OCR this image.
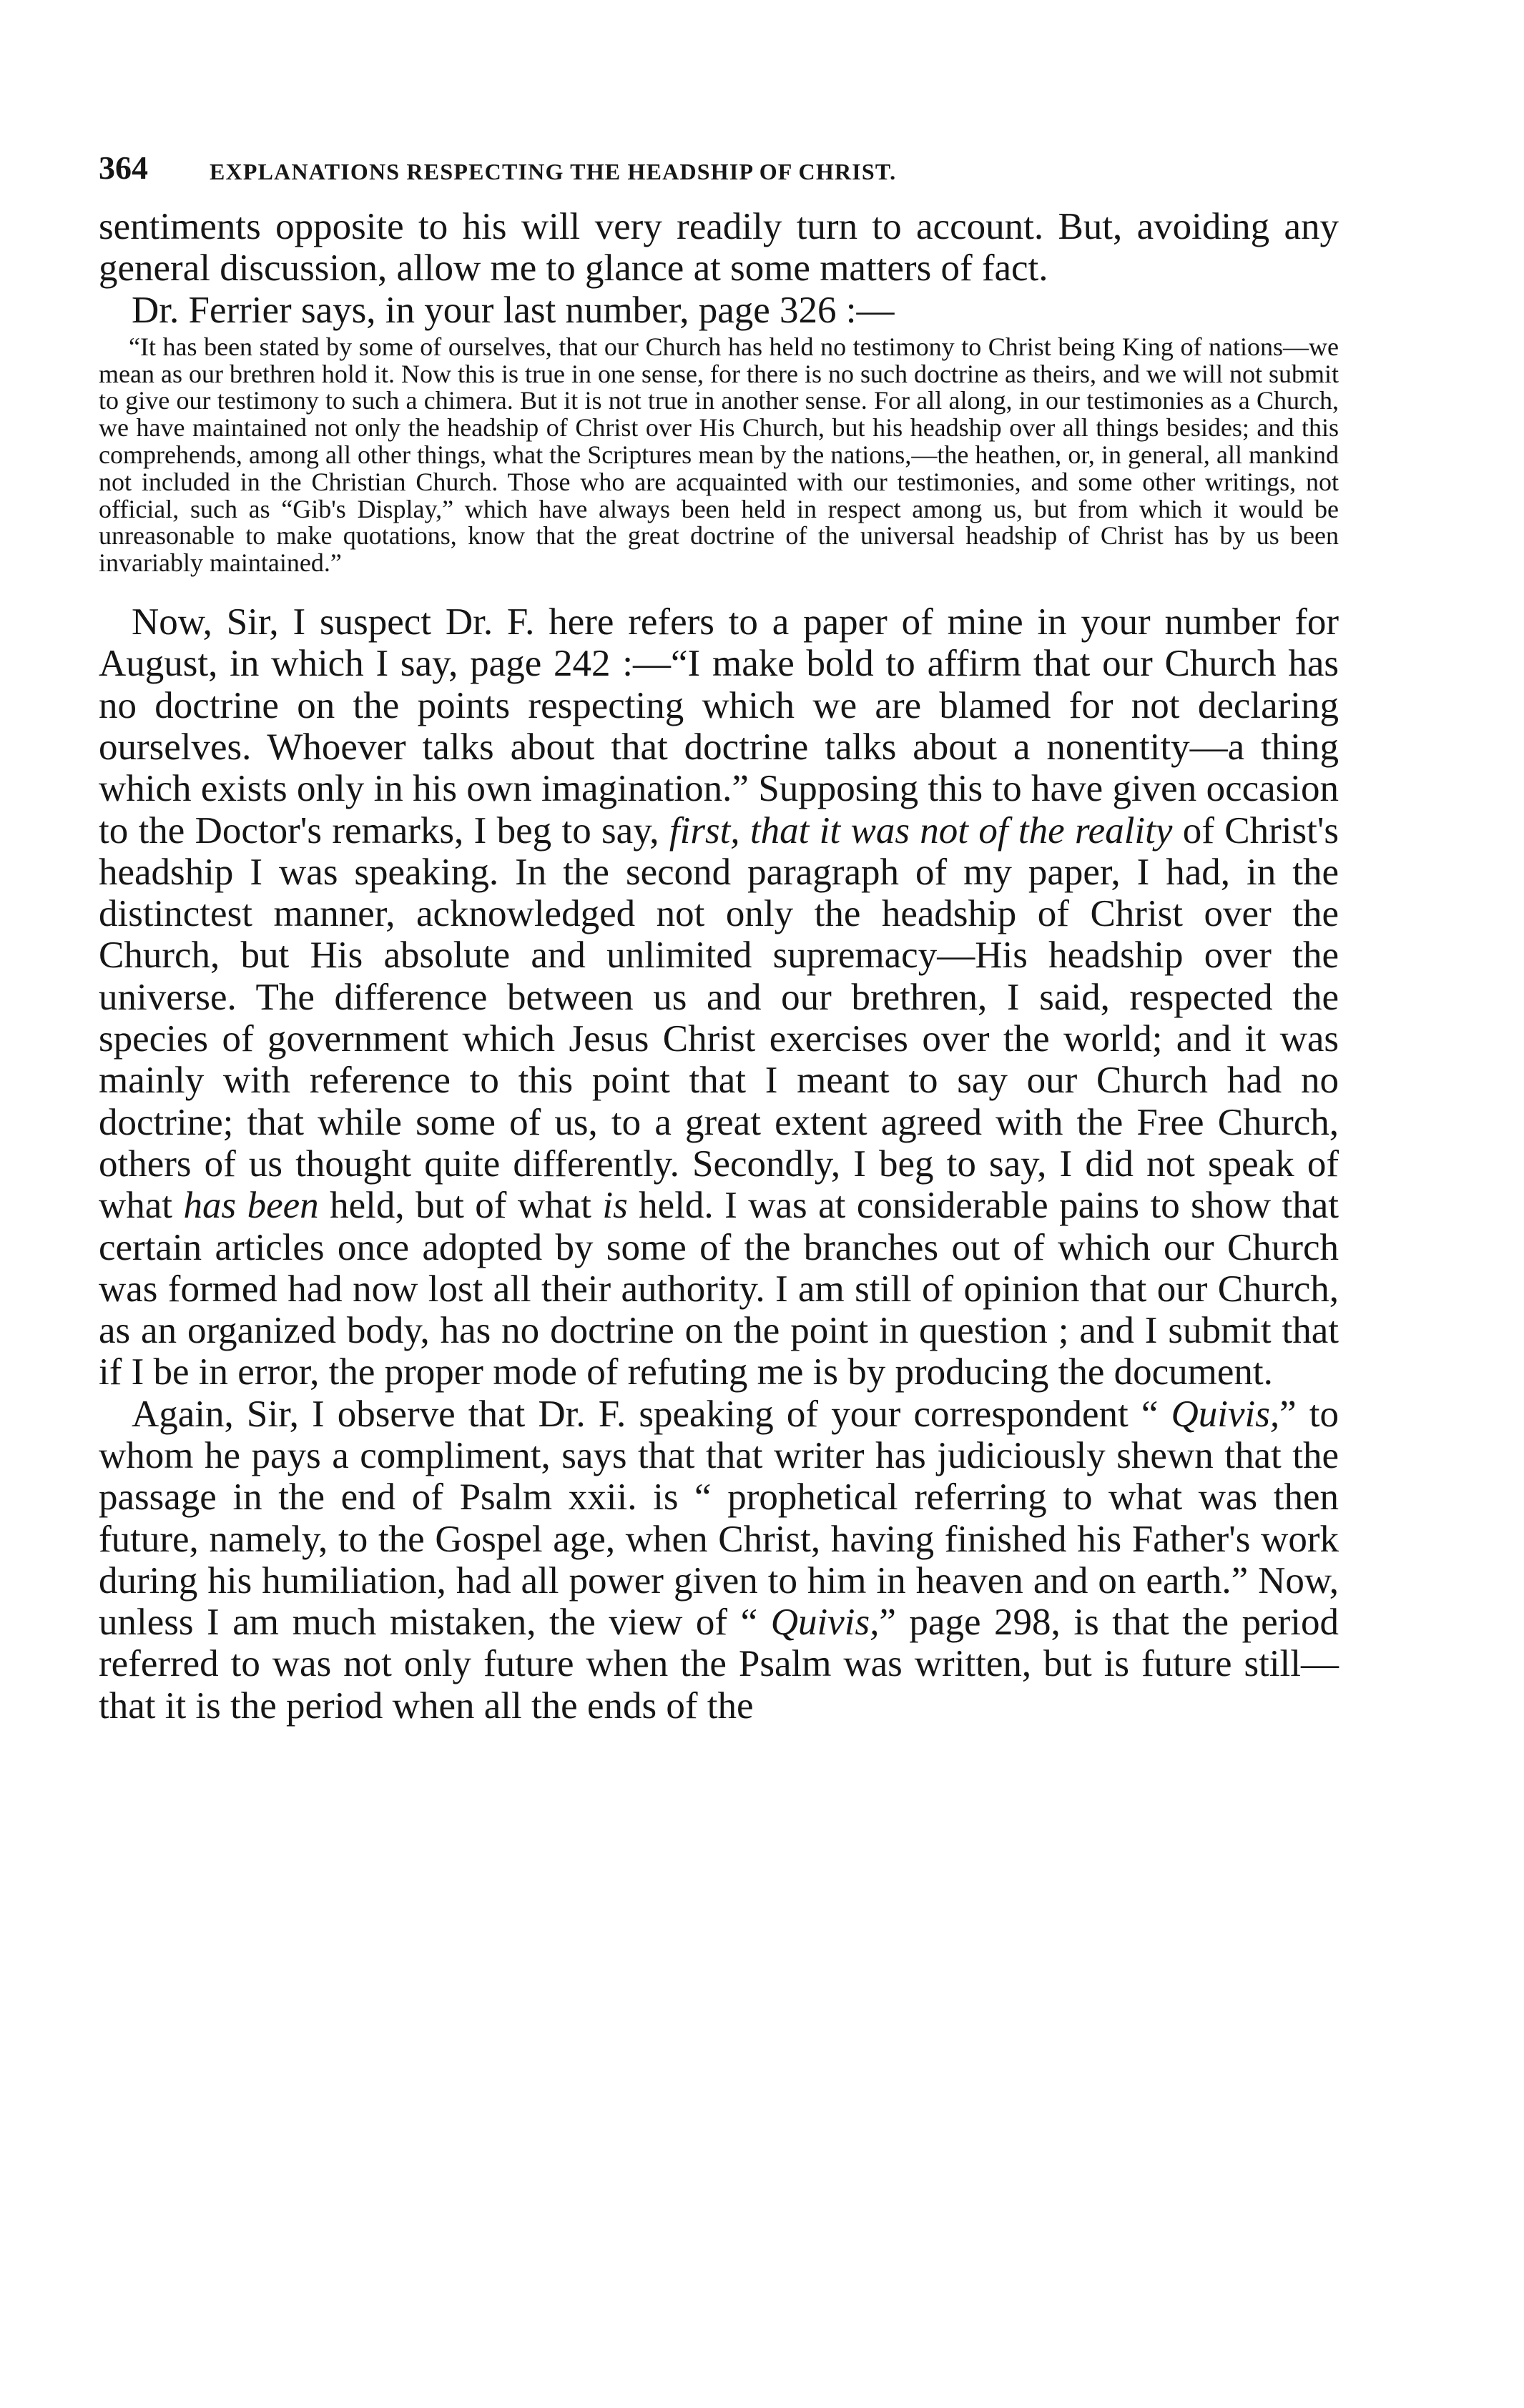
364	EXPLANATIONS RESPECTING THE HEADSHIP OF CHRIST.

sentiments opposite to his will very readily turn to account. But, avoiding any general discussion, allow me to glance at some matters of fact.

Dr. Ferrier says, in your last number, page 326 :—

“It has been stated by some of ourselves, that our Church has held no testimony to Christ being King of nations—we mean as our brethren hold it. Now this is true in one sense, for there is no such doctrine as theirs, and we will not submit to give our testimony to such a chimera. But it is not true in another sense. For all along, in our testimonies as a Church, we have maintained not only the headship of Christ over His Church, but his headship over all things besides; and this comprehends, among all other things, what the Scriptures mean by the nations,—the heathen, or, in general, all mankind not included in the Christian Church. Those who are acquainted with our testimonies, and some other writings, not official, such as “Gib's Display,” which have always been held in respect among us, but from which it would be unreasonable to make quotations, know that the great doctrine of the universal headship of Christ has by us been invariably maintained.”

Now, Sir, I suspect Dr. F. here refers to a paper of mine in your number for August, in which I say, page 242 :—“I make bold to affirm that our Church has no doctrine on the points respecting which we are blamed for not declaring ourselves. Whoever talks about that doctrine talks about a nonentity—a thing which exists only in his own imagination.” Supposing this to have given occasion to the Doctor's remarks, I beg to say, first, that it was not of the reality of Christ's headship I was speaking. In the second paragraph of my paper, I had, in the distinctest manner, acknowledged not only the headship of Christ over the Church, but His absolute and unlimited supremacy—His headship over the universe. The difference between us and our brethren, I said, respected the species of government which Jesus Christ exercises over the world; and it was mainly with reference to this point that I meant to say our Church had no doctrine; that while some of us, to a great extent agreed with the Free Church, others of us thought quite differently. Secondly, I beg to say, I did not speak of what has been held, but of what is held. I was at considerable pains to show that certain articles once adopted by some of the branches out of which our Church was formed had now lost all their authority. I am still of opinion that our Church, as an organized body, has no doctrine on the point in question ; and I submit that if I be in error, the proper mode of refuting me is by producing the document.

Again, Sir, I observe that Dr. F. speaking of your correspondent “ Quivis,” to whom he pays a compliment, says that that writer has judiciously shewn that the passage in the end of Psalm xxii. is “ prophetical referring to what was then future, namely, to the Gospel age, when Christ, having finished his Father's work during his humiliation, had all power given to him in heaven and on earth.” Now, unless I am much mistaken, the view of “ Quivis,” page 298, is that the period referred to was not only future when the Psalm was written, but is future still—that it is the period when all the ends of the
